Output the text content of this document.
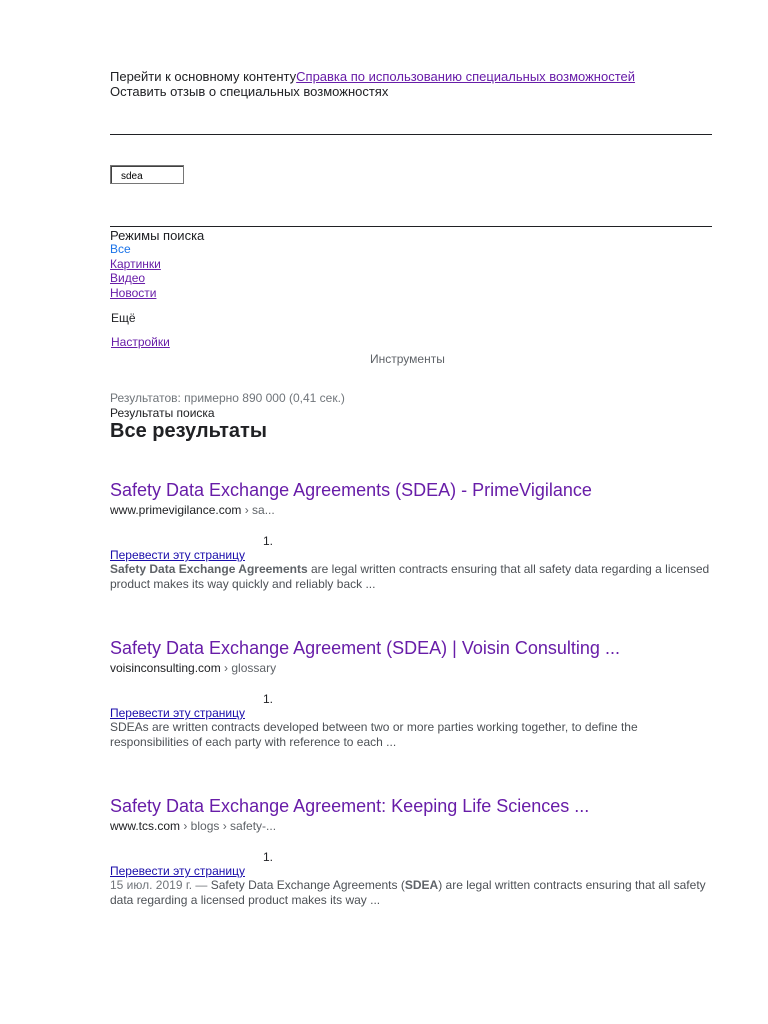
Перейти к основному контентуСправка по использованию специальных возможностей
Оставить отзыв о специальных возможностях
sdea
Режимы поиска
Все
Картинки
Видео
Новости
Ещё
Настройки
Инструменты
Результатов: примерно 890 000 (0,41 сек.)
Результаты поиска
Все результаты
Safety Data Exchange Agreements (SDEA) - PrimeVigilance
www.primevigilance.com › sa...
1.
Перевести эту страницу
Safety Data Exchange Agreements are legal written contracts ensuring that all safety data regarding a licensed product makes its way quickly and reliably back ...
Safety Data Exchange Agreement (SDEA) | Voisin Consulting ...
voisinconsulting.com › glossary
1.
Перевести эту страницу
SDEAs are written contracts developed between two or more parties working together, to define the responsibilities of each party with reference to each ...
Safety Data Exchange Agreement: Keeping Life Sciences ...
www.tcs.com › blogs › safety-...
1.
Перевести эту страницу
15 июл. 2019 г. — Safety Data Exchange Agreements (SDEA) are legal written contracts ensuring that all safety data regarding a licensed product makes its way ...
